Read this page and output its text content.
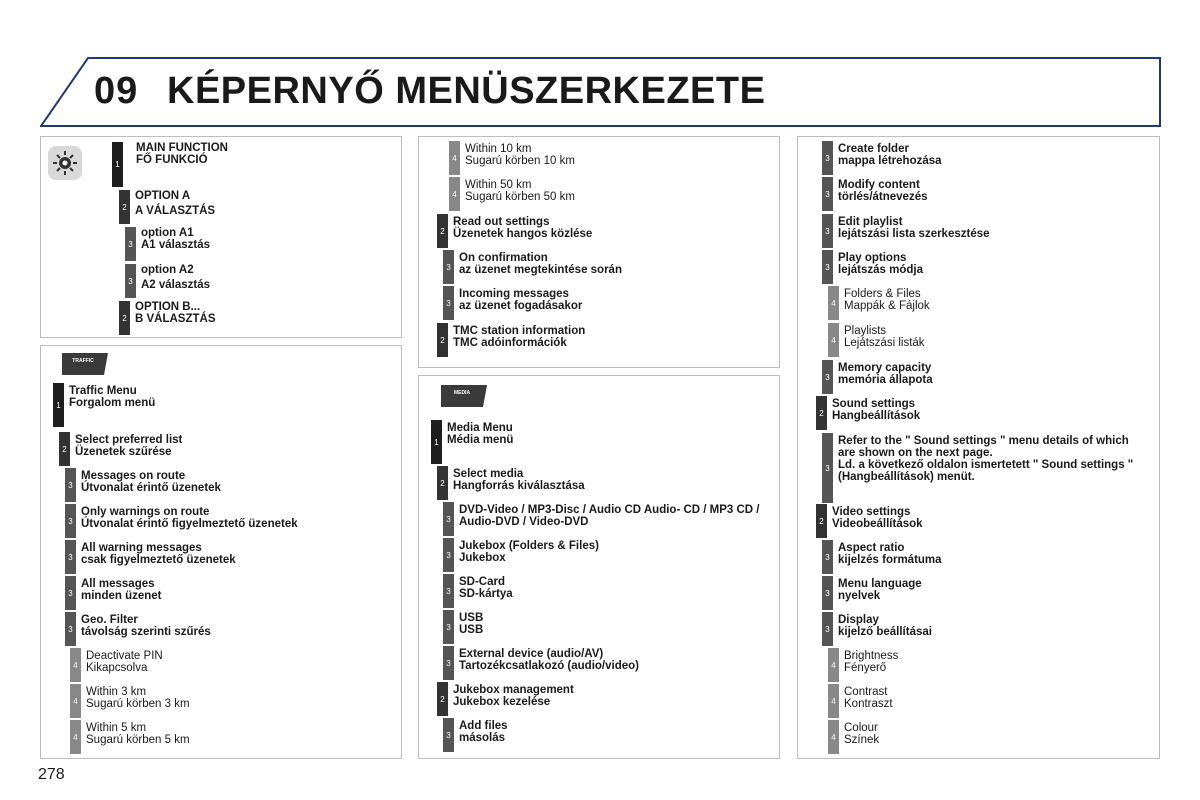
09 KÉPERNYŐ MENÜSZERKEZETE
1
MAIN FUNCTION
FŐ FUNKCIÓ
2
OPTION A
A VÁLASZTÁS
3
option A1
A1 választás
3
option A2
A2 választás
2
OPTION B...
B VÁLASZTÁS
TRAFFIC
MEDIA
278
1
Traffic Menu
Forgalom menü
2
Select preferred list
Üzenetek szűrése
3
Messages on route
Útvonalat érintő üzenetek
3
Only warnings on route
Útvonalat érintő figyelmeztető üzenetek
3
All warning messages
csak figyelmeztető üzenetek
3
All messages
minden üzenet
3
Geo. Filter
távolság szerinti szűrés
4
Deactivate PIN
Kikapcsolva
4
Within 3 km
Sugarú körben 3 km
4
Within 5 km
Sugarú körben 5 km
4
Within 10 km
Sugarú körben 10 km
4
Within 50 km
Sugarú körben 50 km
2
Read out settings
Üzenetek hangos közlése
3
On confirmation
az üzenet megtekintése során
3
Incoming messages
az üzenet fogadásakor
2
TMC station information
TMC adóinformációk
1
Media Menu
Média menü
2
Select media
Hangforrás kiválasztása
3
DVD-Video / MP3-Disc / Audio CD Audio- CD / MP3 CD /
Audio-DVD / Video-DVD
3
Jukebox (Folders & Files)
Jukebox
3
SD-Card
SD-kártya
3
USB
USB
3
External device (audio/AV)
Tartozékcsatlakozó (audio/video)
2
Jukebox management
Jukebox kezelése
3
Add files
másolás
3
Create folder
mappa létrehozása
3
Modify content
törlés/átnevezés
3
Edit playlist
lejátszási lista szerkesztése
3
Play options
lejátszás módja
4
Folders & Files
Mappák & Fájlok
4
Playlists
Lejátszási listák
3
Memory capacity
memória állapota
2
Sound settings
Hangbeállítások
3
Refer to the " Sound settings " menu details of which
are shown on the next page.
Ld. a következő oldalon ismertetett " Sound settings "
(Hangbeállítások) menüt.
2
Video settings
Videobeállítások
3
Aspect ratio
kijelzés formátuma
3
Menu language
nyelvek
3
Display
kijelző beállításai
4
Brightness
Fényerő
4
Contrast
Kontraszt
4
Colour
Színek
